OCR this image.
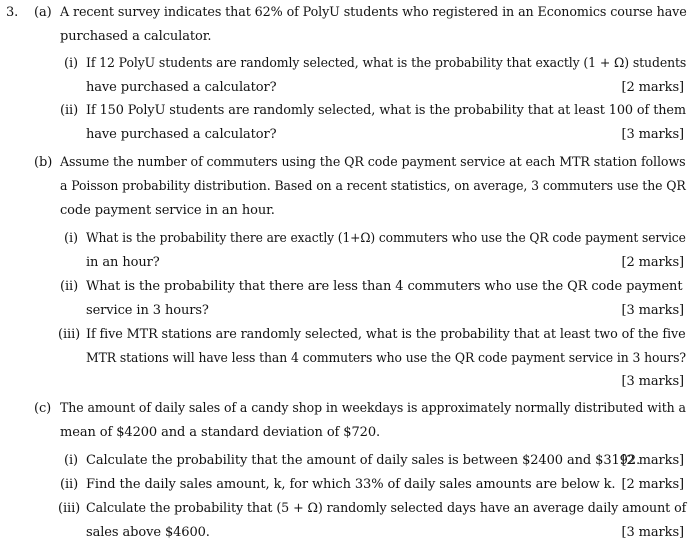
3. (a) A recent survey indicates that 62% of PolyU students who registered in an Economics course have
purchased a calculator.
(i) If 12 PolyU students are randomly selected, what is the probability that exactly (1 + Ω) students
have purchased a calculator?	[2 marks]
(ii) If 150 PolyU students are randomly selected, what is the probability that at least 100 of them
have purchased a calculator?	[3 marks]
(b) Assume the number of commuters using the QR code payment service at each MTR station follows
a Poisson probability distribution. Based on a recent statistics, on average, 3 commuters use the QR
code payment service in an hour.
(i) What is the probability there are exactly (1+Ω) commuters who use the QR code payment service
in an hour?	[2 marks]
(ii) What is the probability that there are less than 4 commuters who use the QR code payment
service in 3 hours?	[3 marks]
(iii) If five MTR stations are randomly selected, what is the probability that at least two of the five
MTR stations will have less than 4 commuters who use the QR code payment service in 3 hours?
[3 marks]
(c) The amount of daily sales of a candy shop in weekdays is approximately normally distributed with a
mean of $4200 and a standard deviation of $720.
(i) Calculate the probability that the amount of daily sales is between $2400 and $3192.
[2 marks]
(ii) Find the daily sales amount, k, for which 33% of daily sales amounts are below k. [2 marks]
(iii) Calculate the probability that (5 + Ω) randomly selected days have an average daily amount of
sales above $4600.	[3 marks]
